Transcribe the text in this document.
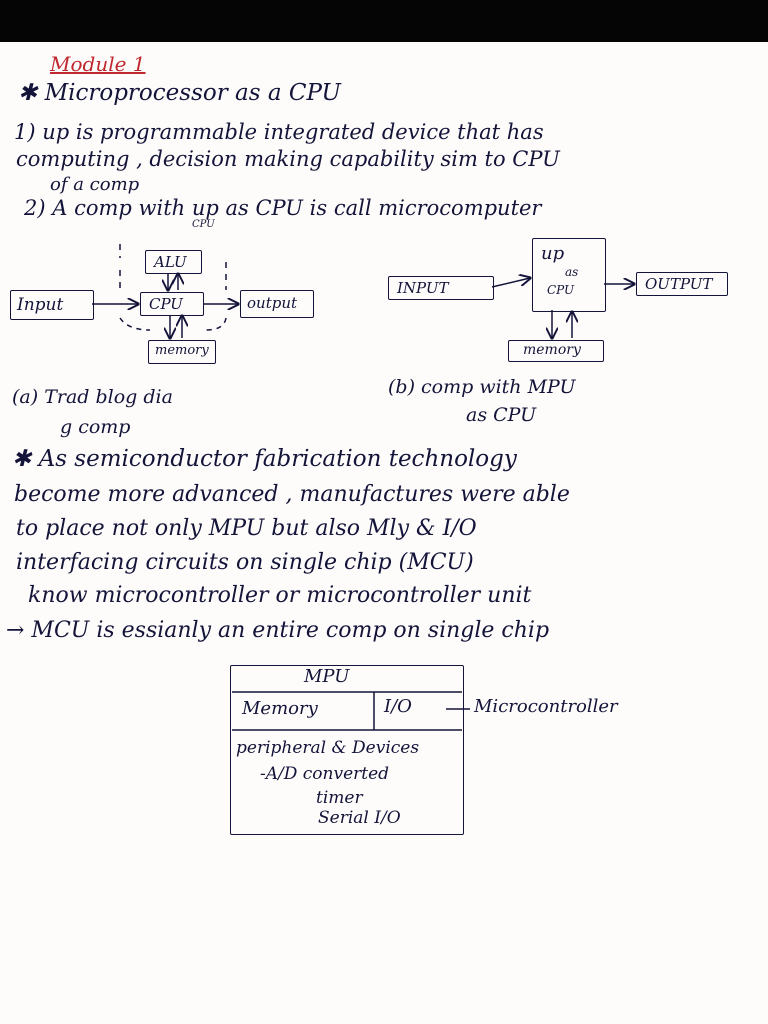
Module 1
✱ Microprocessor as a CPU
1) up is programmable integrated device that has
computing , decision making capability sim to CPU
of a comp
2) A comp with up as CPU is call microcomputer
CPU
ALU
CPU
Input	output
memory
(a) Trad blog dia
g comp
up
as
CPU
INPUT	OUTPUT
memory
(b) comp with MPU
as CPU
✱ As semiconductor fabrication technology
become more advanced , manufactures were able
to place not only MPU but also Mly & I/O
interfacing circuits on single chip (MCU)
know microcontroller or microcontroller unit
→ MCU is essianly an entire comp on single chip
MPU
Memory	I/O
peripheral & Devices
-A/D converted
timer
Serial I/O
Microcontroller
